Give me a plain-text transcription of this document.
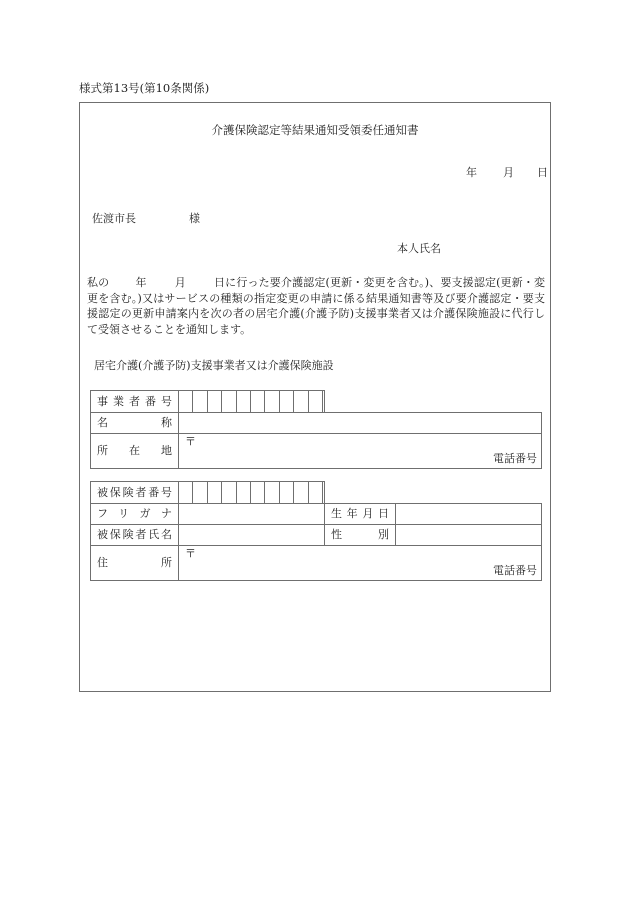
様式第13号(第10条関係)
介護保険認定等結果通知受領委任通知書
年 月 日
佐渡市長	様
本人氏名
私の 年	月	日に行った要介護認定(更新・変更を含む。)、要支援認定(更新・変更を含む。)又はサービスの種類の指定変更の申請に係る結果通知書等及び要介護認定・要支援認定の更新申請案内を次の者の居宅介護(介護予防)支援事業者又は介護保険施設に代行して受領させることを通知します。
居宅介護(介護予防)支援事業者又は介護保険施設
事業者番号	

名称		
所在地	〒
電話番号	
被保険者番号		

フリガナ		生年月日	
被保険者氏名		性別	
住所	〒
電話番号		
